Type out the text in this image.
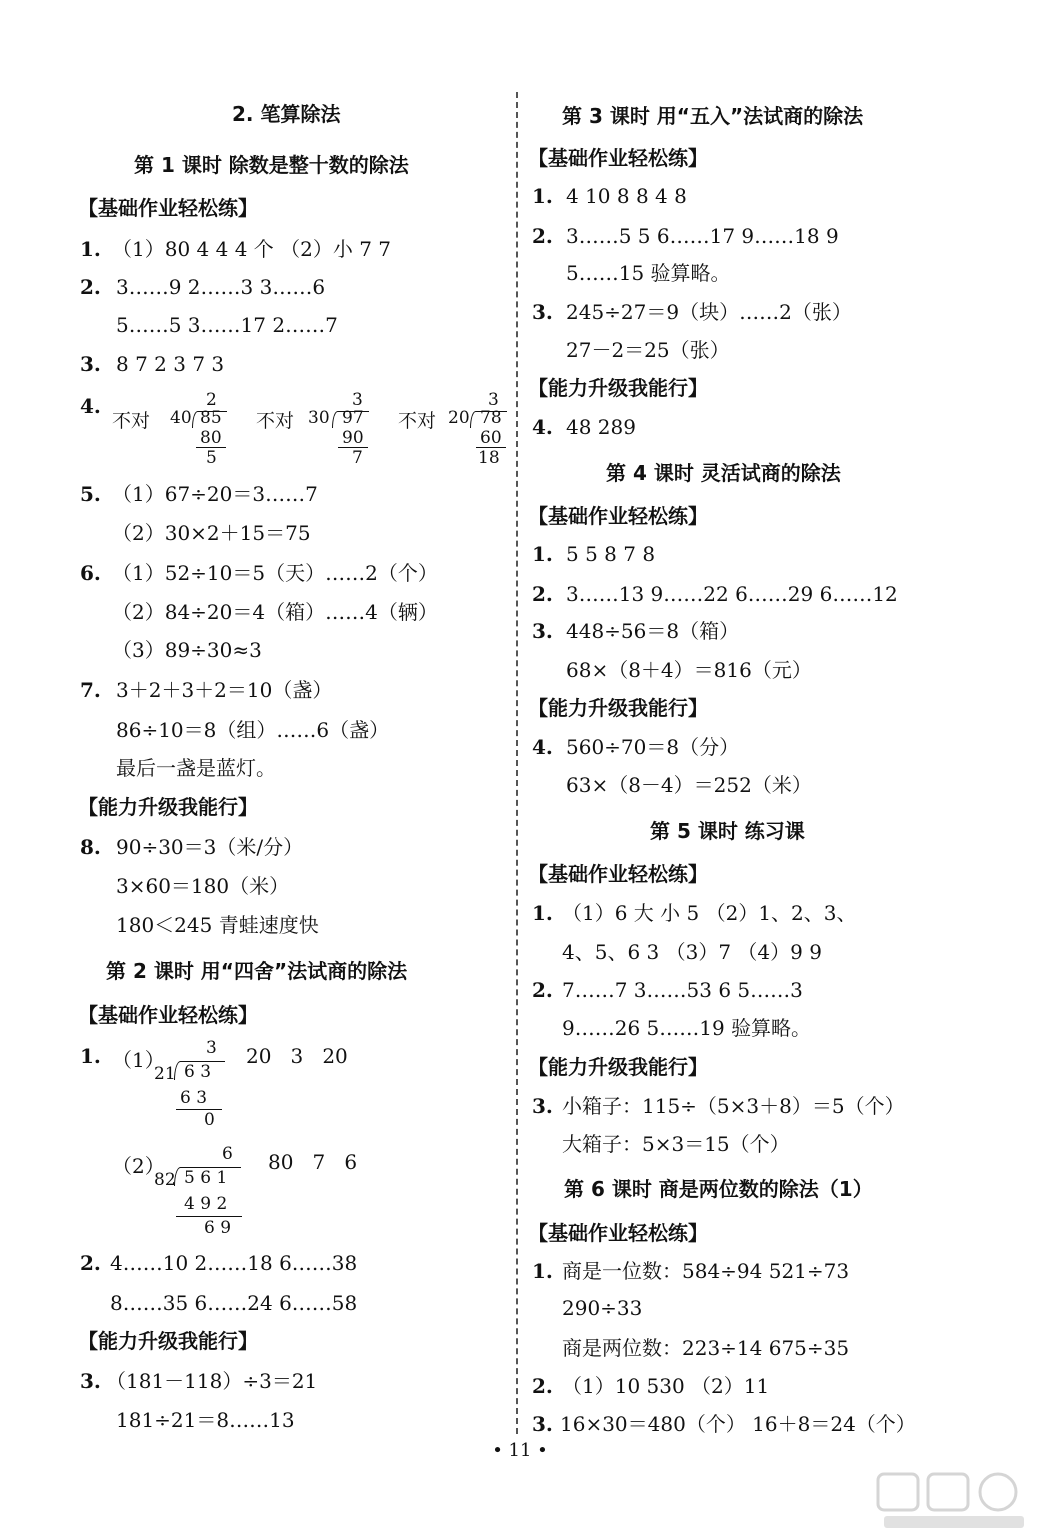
2. 笔算除法
第 1 课时 除数是整十数的除法
【基础作业轻松练】
1. （1）80 4 4 4 个 （2）小 7 7
2. 3……9 2……3 3……6
5……5 3……17 2……7
3. 8 7 2 3 7 3
4.
不对 40
2
85
80
5
不对 30
3
97
90
7
不对 20
3
78
60
18
5. （1）67÷20＝3……7
（2）30×2＋15＝75
6. （1）52÷10＝5（天）……2（个）
（2）84÷20＝4（箱）……4（辆）
（3）89÷30≈3
7. 3＋2＋3＋2＝10（盏）
86÷10＝8（组）……6（盏）
最后一盏是蓝灯。
【能力升级我能行】
8. 90÷30＝3（米/分）
3×60＝180（米）
180＜245 青蛙速度快
第 2 课时 用“四舍”法试商的除法
【基础作业轻松练】
1. （1） 3
21 6 3
6 3
0
20   3   20
（2）	6
82 5 6 1
4 9 2
6 9
80   7   6
2. 4……10 2……18 6……38
8……35 6……24 6……58
【能力升级我能行】
3. （181－118）÷3＝21
181÷21＝8……13
第 3 课时 用“五入”法试商的除法
【基础作业轻松练】
1. 4 10 8 8 4 8
2. 3……5 5 6……17 9……18 9
5……15 验算略。
3. 245÷27＝9（块）……2（张）
27－2＝25（张）
【能力升级我能行】
4. 48 289
第 4 课时 灵活试商的除法
【基础作业轻松练】
1. 5 5 8 7 8
2. 3……13 9……22 6……29 6……12
3. 448÷56＝8（箱）
68×（8＋4）＝816（元）
【能力升级我能行】
4. 560÷70＝8（分）
63×（8－4）＝252（米）
第 5 课时 练习课
【基础作业轻松练】
1. （1）6 大 小 5 （2）1、2、3、
4、5、6 3 （3）7 （4）9 9
2. 7……7 3……53 6 5……3
9……26 5……19 验算略。
【能力升级我能行】
3. 小箱子：115÷（5×3＋8）＝5（个）
大箱子：5×3＝15（个）
第 6 课时 商是两位数的除法（1）
【基础作业轻松练】
1. 商是一位数：584÷94 521÷73
290÷33
商是两位数：223÷14 675÷35
2. （1）10 530 （2）11
3. 16×30＝480（个） 16＋8＝24（个）
• 11 •
